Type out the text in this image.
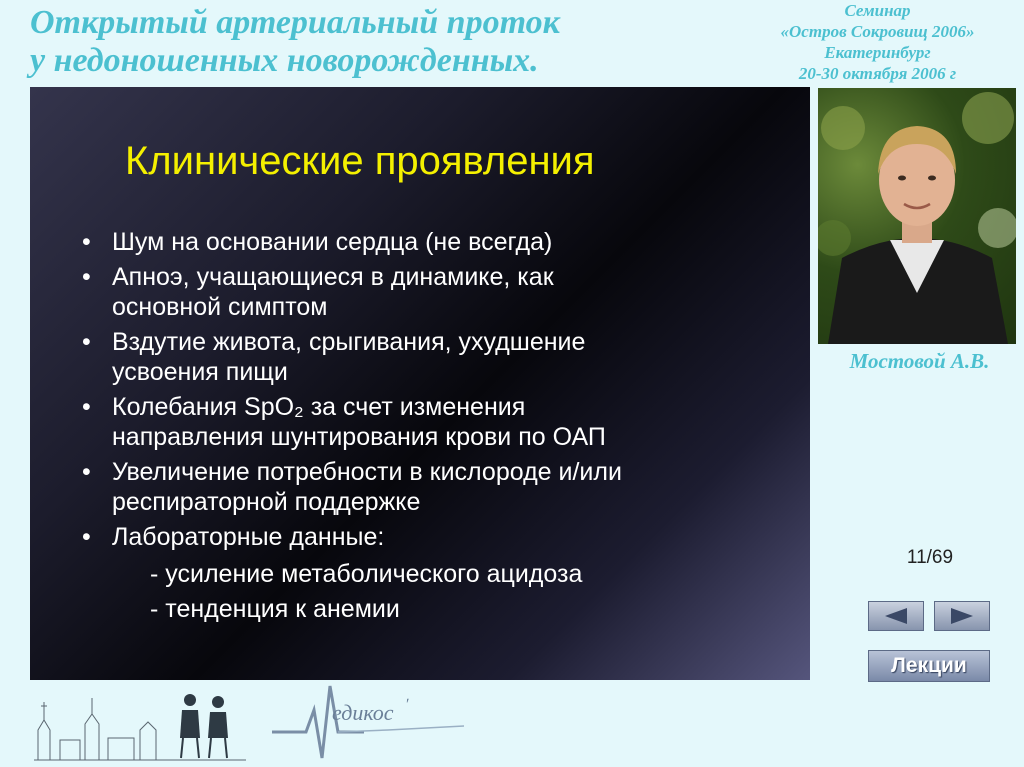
Открытый артериальный проток
у недоношенных новорожденных.
Семинар
«Остров Сокровищ 2006»
Екатеринбург
20-30 октября 2006 г
Клинические проявления
• Шум на основании сердца (не всегда)
• Апноэ, учащающиеся в динамике, как
основной симптом
• Вздутие живота, срыгивания, ухудшение
усвоения пищи
• Колебания SpO₂ за счет изменения
направления шунтирования крови по ОАП
• Увеличение потребности в кислороде и/или
респираторной поддержке
• Лабораторные данные:
- усиление метаболического ацидоза
- тенденция к анемии
Мостовой А.В.
11/69
Лекции
едикос ʹ
